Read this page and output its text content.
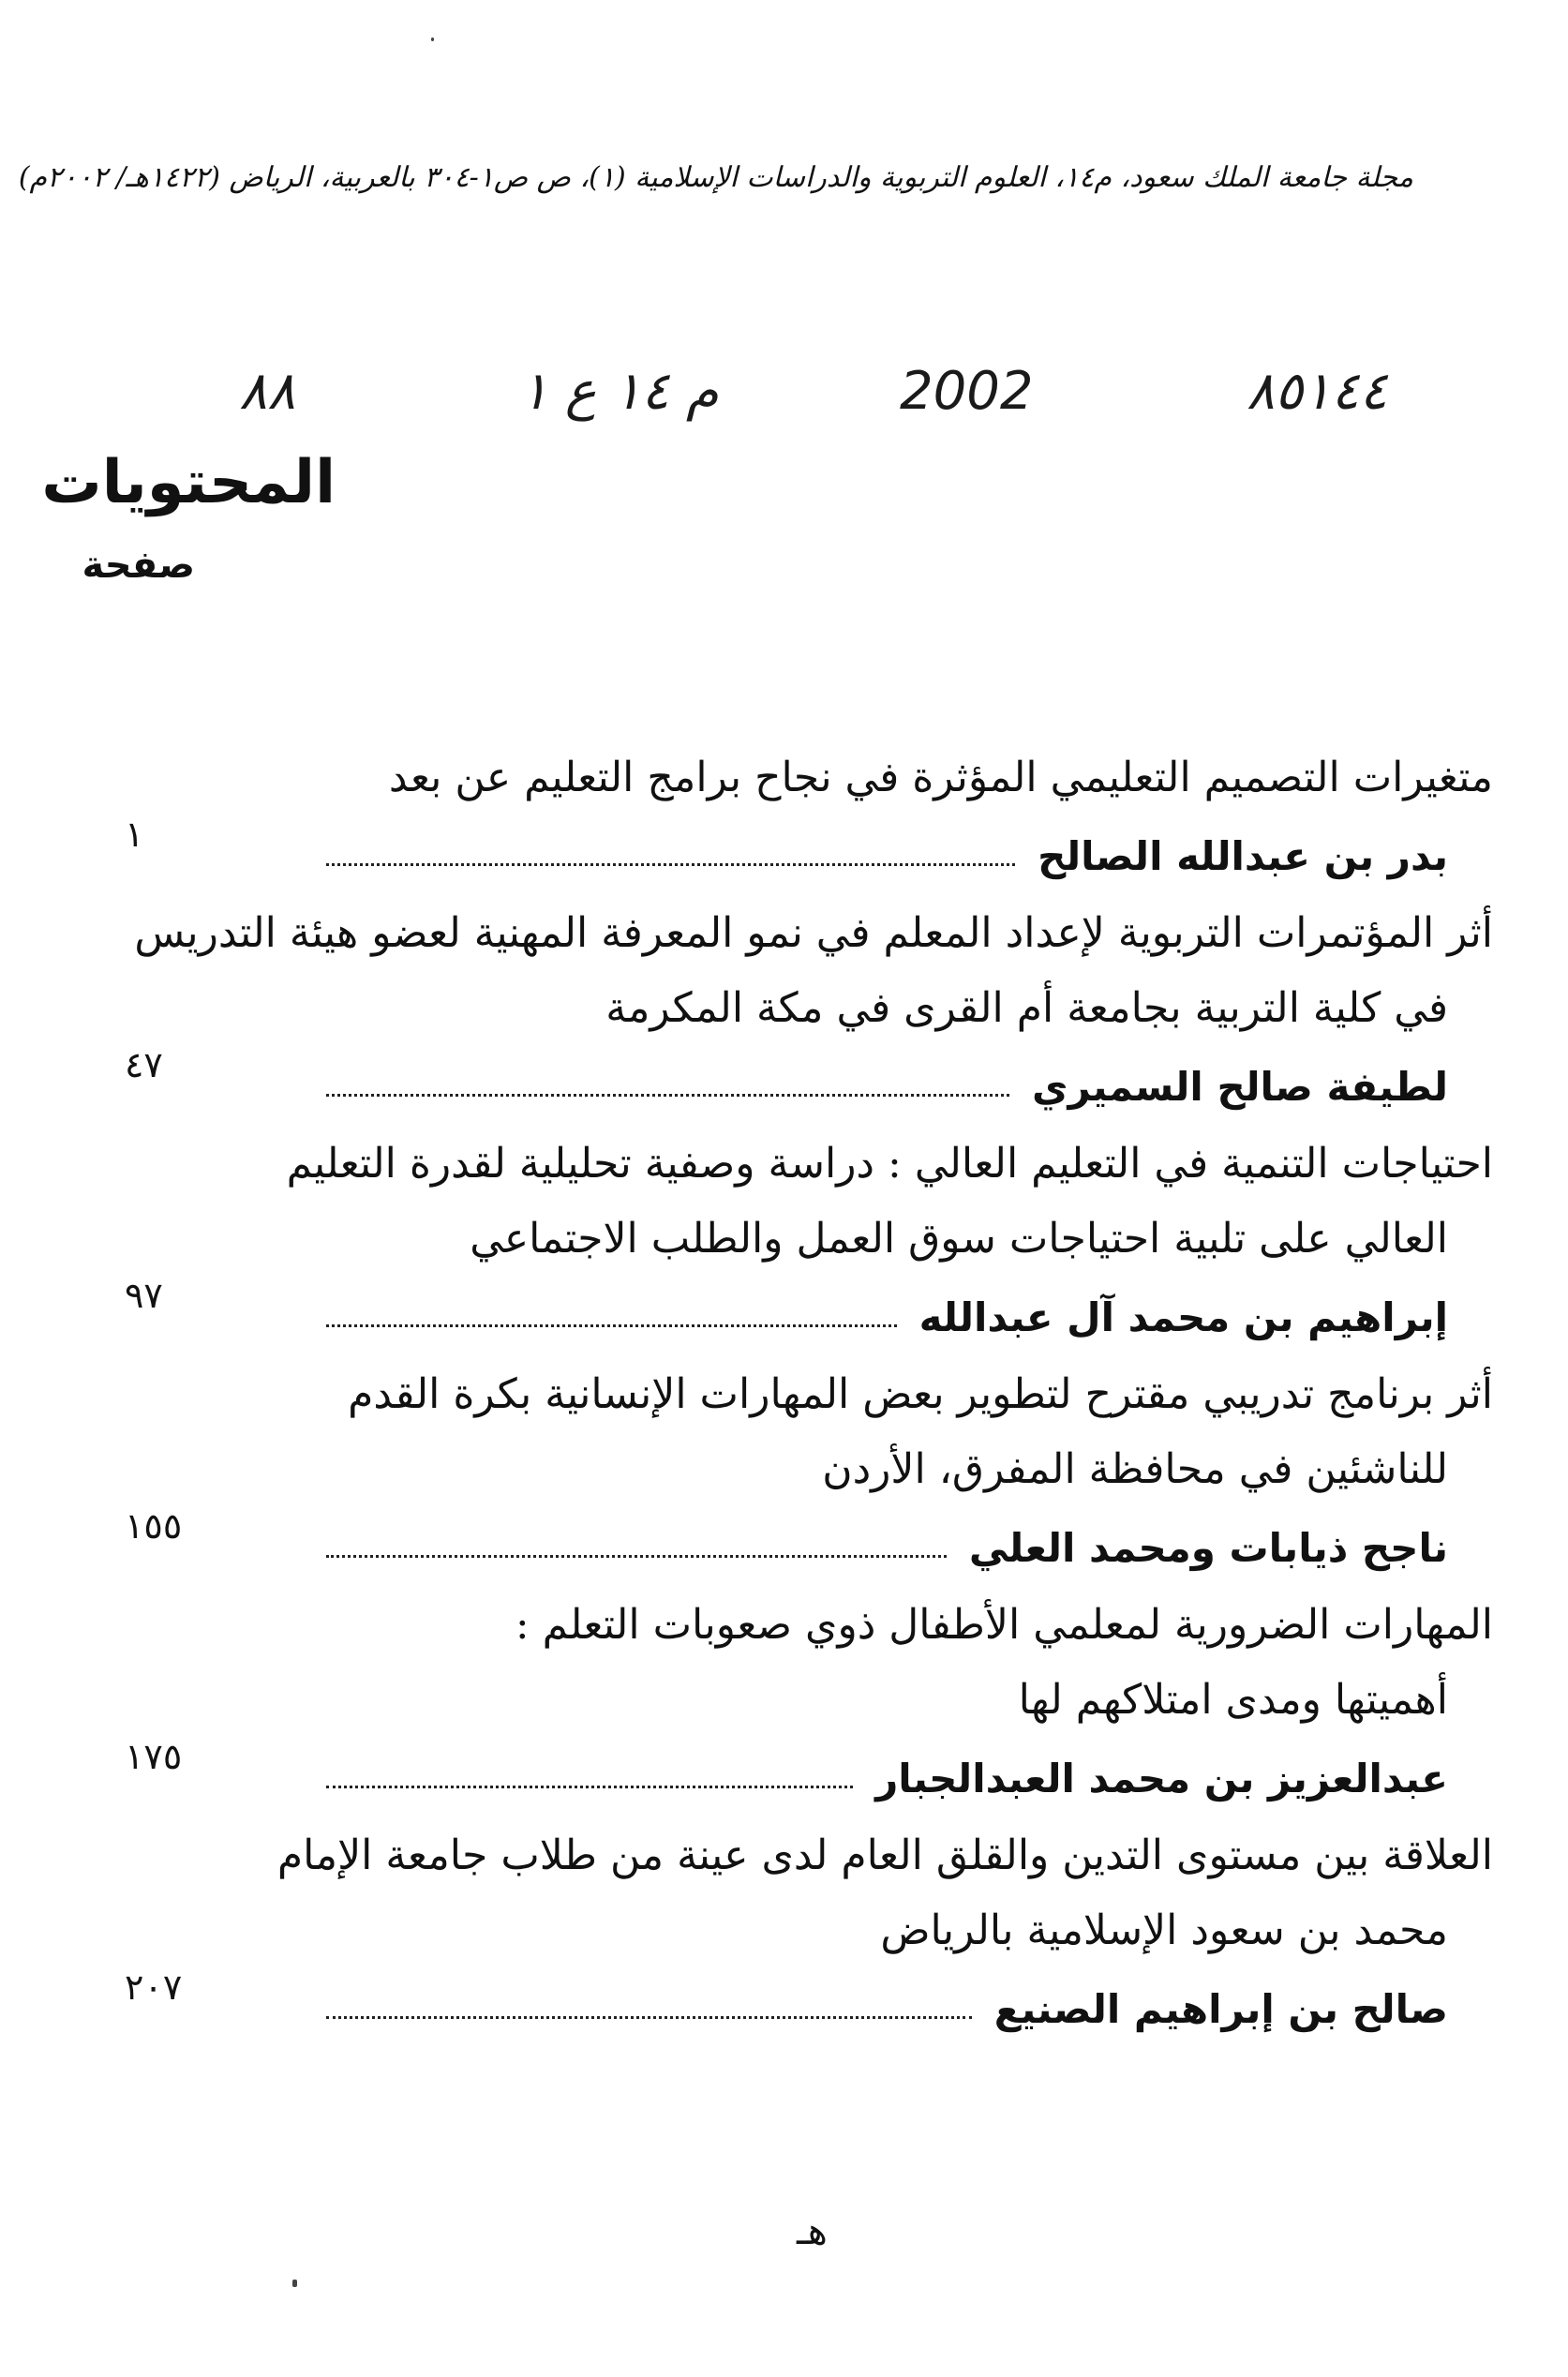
مجلة جامعة الملك سعود، م١٤، العلوم التربوية والدراسات الإسلامية (١)، ص ص١-٣٠٤ بالعربية، الرياض (١٤٢٢هـ/ ٢٠٠٢م)
٨٨	م ١٤ ع ١	2002	٨٥١٤٤
المحتويات
صفحة
متغيرات التصميم التعليمي المؤثرة في نجاح برامج التعليم عن بعد
بدر بن عبدالله الصالح
١
أثر المؤتمرات التربوية لإعداد المعلم في نمو المعرفة المهنية لعضو هيئة التدريس
في كلية التربية بجامعة أم القرى في مكة المكرمة
لطيفة صالح السميري
٤٧
احتياجات التنمية في التعليم العالي : دراسة وصفية تحليلية لقدرة التعليم
العالي على تلبية احتياجات سوق العمل والطلب الاجتماعي
إبراهيم بن محمد آل عبدالله
٩٧
أثر برنامج تدريبي مقترح لتطوير بعض المهارات الإنسانية بكرة القدم
للناشئين في محافظة المفرق، الأردن
ناجح ذيابات ومحمد العلي
١٥٥
المهارات الضرورية لمعلمي الأطفال ذوي صعوبات التعلم :
أهميتها ومدى امتلاكهم لها
عبدالعزيز بن محمد العبدالجبار
١٧٥
العلاقة بين مستوى التدين والقلق العام لدى عينة من طلاب جامعة الإمام
محمد بن سعود الإسلامية بالرياض
صالح بن إبراهيم الصنيع
٢٠٧
هـ
